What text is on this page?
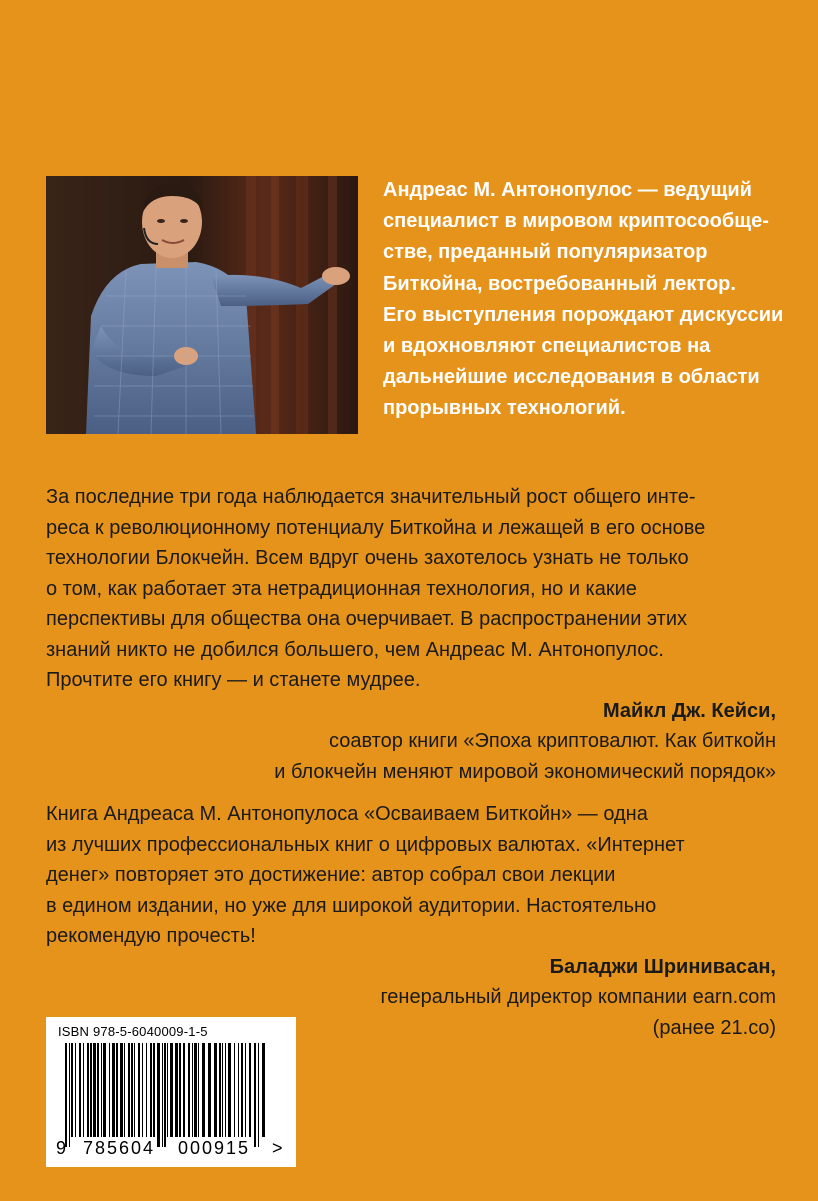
Андреас М. Антонопулос — ведущий

специалист в мировом криптосообще-

стве, преданный популяризатор

Биткойна, востребованный лектор.

Его выступления порождают дискуссии

и вдохновляют специалистов на

дальнейшие исследования в области

прорывных технологий.

За последние три года наблюдается значительный рост общего инте-

реса к революционному потенциалу Биткойна и лежащей в его основе

технологии Блокчейн. Всем вдруг очень захотелось узнать не только

о том, как работает эта нетрадиционная технология, но и какие

перспективы для общества она очерчивает. В распространении этих

знаний никто не добился большего, чем Андреас М. Антонопулос.

Прочтите его книгу — и станете мудрее.

Майкл Дж. Кейси,

соавтор книги «Эпоха криптовалют. Как биткойн

и блокчейн меняют мировой экономический порядок»

Книга Андреаса М. Антонопулоса «Осваиваем Биткойн» — одна

из лучших профессиональных книг о цифровых валютах. «Интернет

денег» повторяет это достижение: автор собрал свои лекции

в едином издании, но уже для широкой аудитории. Настоятельно

рекомендую прочесть!

Баладжи Шринивасан,

генеральный директор компании earn.com

(ранее 21.co)

ISBN 978-5-6040009-1-5
9 785604 000915 >
